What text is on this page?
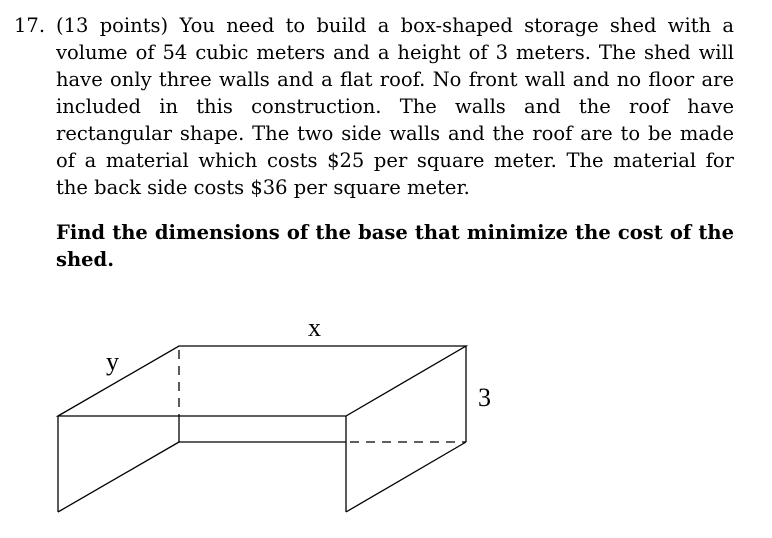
17. (13 points) You need to build a box-shaped storage shed with a volume of 54 cubic meters and a height of 3 meters. The shed will have only three walls and a flat roof. No front wall and no floor are included in this construction. The walls and the roof have rectangular shape. The two side walls and the roof are to be made of a material which costs $25 per square meter. The material for the back side costs $36 per square meter.

Find the dimensions of the base that minimize the cost of the shed.

x
y
3
